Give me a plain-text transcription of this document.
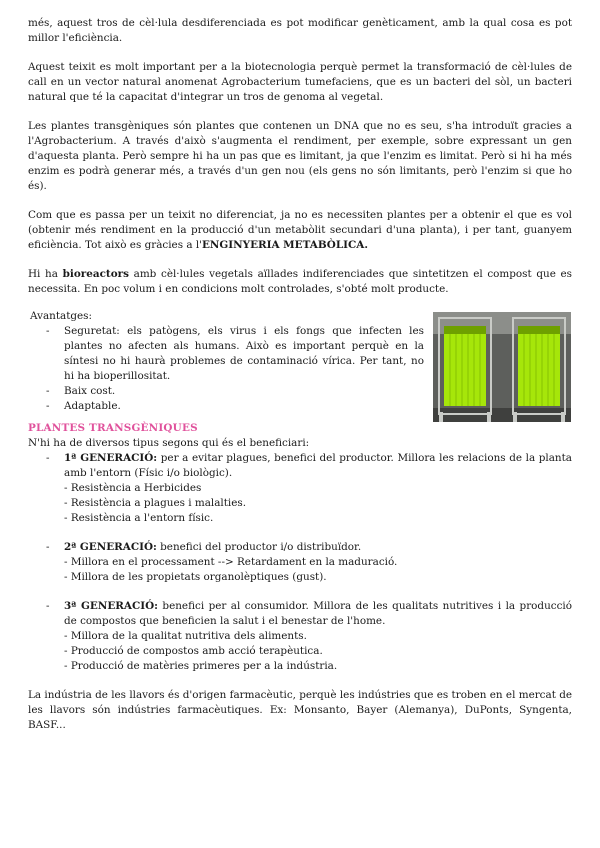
més, aquest tros de cèl·lula desdiferenciada es pot modificar genèticament, amb la qual cosa es pot millor l'eficiència.

Aquest teixit es molt important per a la biotecnologia perquè permet la transformació de cèl·lules de call en un vector natural anomenat Agrobacterium tumefaciens, que es un bacteri del sòl, un bacteri natural que té la capacitat d'integrar un tros de genoma al vegetal.

Les plantes transgèniques són plantes que contenen un DNA que no es seu, s'ha introduït gracies a l'Agrobacterium. A través d'això s'augmenta el rendiment, per exemple, sobre expressant un gen d'aquesta planta. Però sempre hi ha un pas que es limitant, ja que l'enzim es limitat. Però si hi ha més enzim es podrà generar més, a través d'un gen nou (els gens no són limitants, però l'enzim si que ho és).

Com que es passa per un teixit no diferenciat, ja no es necessiten plantes per a obtenir el que es vol (obtenir més rendiment en la producció d'un metabòlit secundari d'una planta), i per tant, guanyem eficiència. Tot això es gràcies a l'ENGINYERIA METABÒLICA.

Hi ha bioreactors amb cèl·lules vegetals aïllades indiferenciades que sintetitzen el compost que es necessita. En poc volum i en condicions molt controlades, s'obté molt producte.

Avantatges:
- Seguretat: els patògens, els virus i els fongs que infecten les plantes no afecten als humans. Això es important perquè en la síntesi no hi haurà problemes de contaminació vírica. Per tant, no hi ha bioperillositat.
- Baix cost.
- Adaptable.
PLANTES TRANSGÈNIQUES

N'hi ha de diversos tipus segons qui és el beneficiari:

- 1ª GENERACIÓ: per a evitar plagues, benefici del productor. Millora les relacions de la planta amb l'entorn (Físic i/o biològic).

- Resistència a Herbicides
- Resistència a plagues i malalties.
- Resistència a l'entorn físic.
- 2ª GENERACIÓ: benefici del productor i/o distribuïdor.

- Millora en el processament --> Retardament en la maduració.
- Millora de les propietats organolèptiques (gust).
- 3ª GENERACIÓ: benefici per al consumidor. Millora de les qualitats nutritives i la producció de compostos que beneficien la salut i el benestar de l'home.

- Millora de la qualitat nutritiva dels aliments.
- Producció de compostos amb acció terapèutica.
- Producció de matèries primeres per a la indústria.

La indústria de les llavors és d'origen farmacèutic, perquè les indústries que es troben en el mercat de les llavors són indústries farmacèutiques. Ex: Monsanto, Bayer (Alemanya), DuPonts, Syngenta, BASF...
